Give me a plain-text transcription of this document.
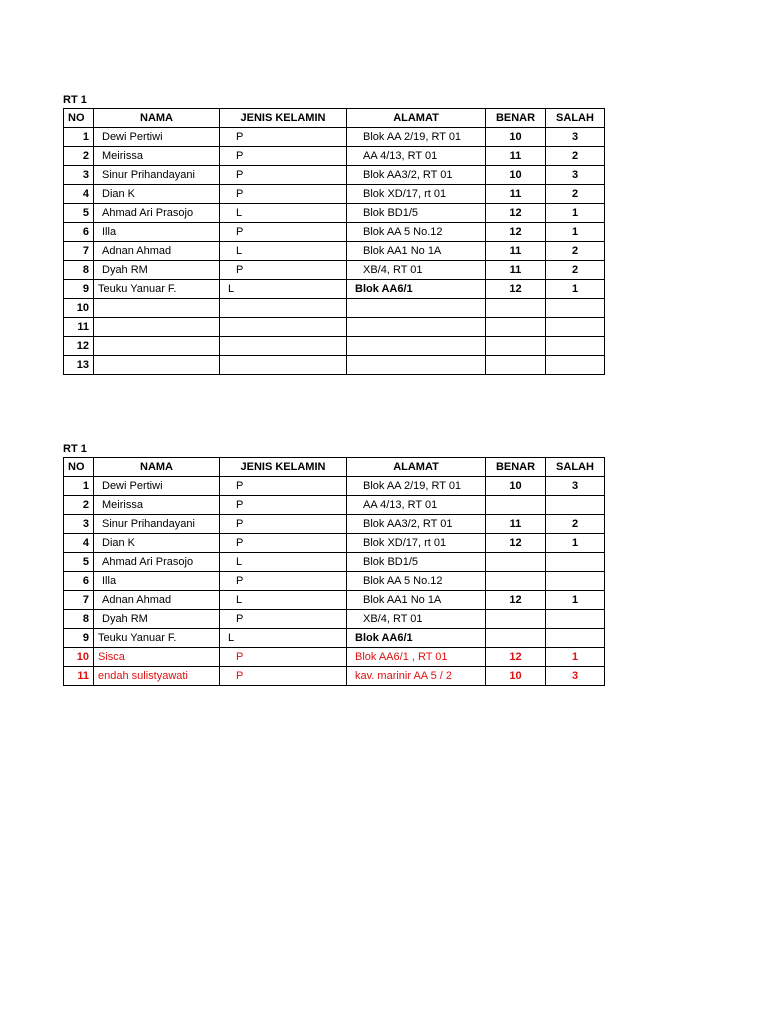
RT 1
NO	NAMA	JENIS KELAMIN	ALAMAT	BENAR	SALAH
1	Dewi Pertiwi	P	Blok AA 2/19, RT 01	10	3
2	Meirissa	P	AA 4/13, RT 01	11	2
3	Sinur Prihandayani	P	Blok AA3/2, RT 01	10	3
4	Dian K	P	Blok XD/17, rt 01	11	2
5	Ahmad Ari Prasojo	L	Blok BD1/5	12	1
6	Illa	P	Blok AA 5 No.12	12	1
7	Adnan Ahmad	L	Blok AA1 No 1A	11	2
8	Dyah RM	P	XB/4, RT 01	11	2
9	Teuku Yanuar F.	L	Blok AA6/1	12	1
10					
11					
12					
13					
RT 1
NO	NAMA	JENIS KELAMIN	ALAMAT	BENAR	SALAH
1	Dewi Pertiwi	P	Blok AA 2/19, RT 01	10	3
2	Meirissa	P	AA 4/13, RT 01		
3	Sinur Prihandayani	P	Blok AA3/2, RT 01	11	2
4	Dian K	P	Blok XD/17, rt 01	12	1
5	Ahmad Ari Prasojo	L	Blok BD1/5		
6	Illa	P	Blok AA 5 No.12		
7	Adnan Ahmad	L	Blok AA1 No 1A	12	1
8	Dyah RM	P	XB/4, RT 01		
9	Teuku Yanuar F.	L	Blok AA6/1		
10	Sisca	P	Blok AA6/1 , RT 01	12	1
11	endah sulistyawati	P	kav. marinir AA 5 / 2	10	3
